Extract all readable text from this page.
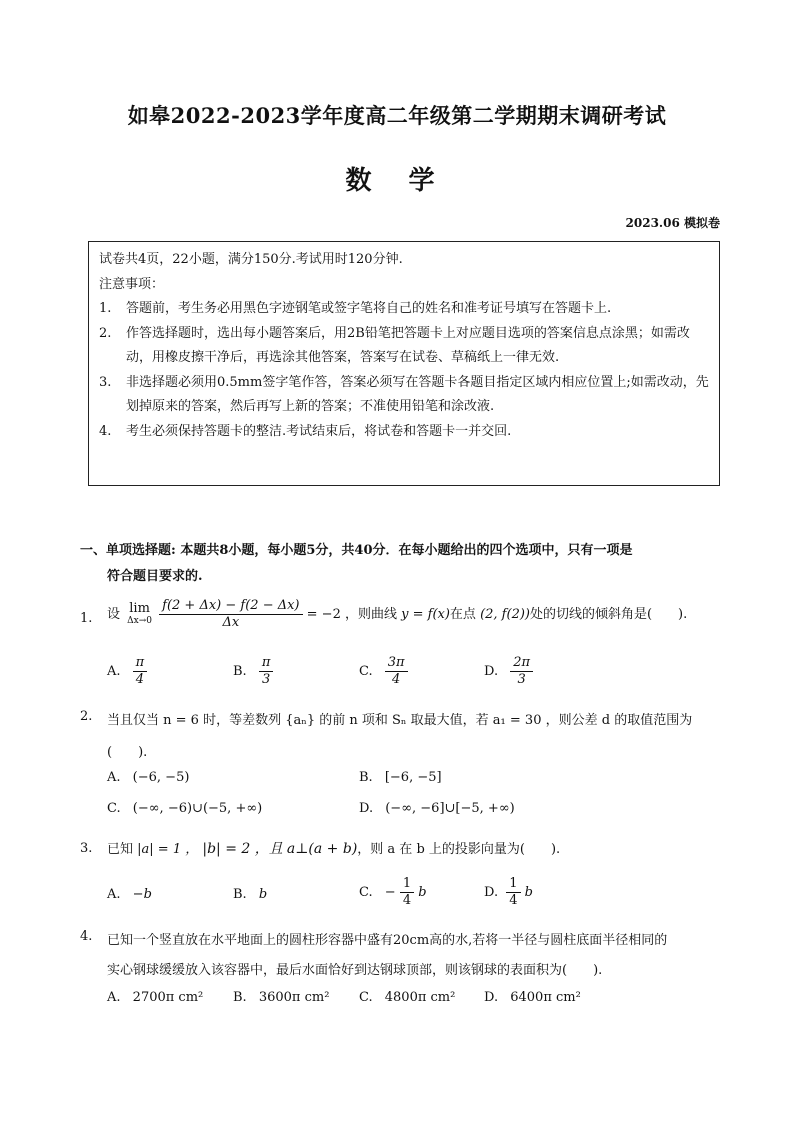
如皋2022-2023学年度高二年级第二学期期末调研考试
数 学
2023.06 模拟卷
试卷共4页，22小题，满分150分.考试用时120分钟.
注意事项：
1. 答题前，考生务必用黑色字迹钢笔或签字笔将自己的姓名和准考证号填写在答题卡上.
2. 作答选择题时，选出每小题答案后，用2B铅笔把答题卡上对应题目选项的答案信息点涂黑；如需改动，用橡皮擦干净后，再选涂其他答案，答案写在试卷、草稿纸上一律无效.
3. 非选择题必须用0.5mm签字笔作答，答案必须写在答题卡各题目指定区域内相应位置上;如需改动，先划掉原来的答案，然后再写上新的答案；不准使用铅笔和涂改液.
4. 考生必须保持答题卡的整洁.考试结束后，将试卷和答题卡一并交回.
一、单项选择题: 本题共8小题，每小题5分，共40分．在每小题给出的四个选项中，只有一项是
符合题目要求的.
1. 设 lim
Δx→0
$\frac{f(2 + \Delta x) - f(2 - \Delta x)}{\Delta x} = -2$ ，则曲线 y = f(x)在点 (2, f(2))处的切线的倾斜角是(　　).
A. $\frac{\pi}{4}$	B. $\frac{\pi}{3}$	C. $\frac{3\pi}{4}$	D. $\frac{2\pi}{3}$
2. 当且仅当 n = 6 时，等差数列 {aₙ} 的前 n 项和 Sₙ 取最大值，若 a₁ = 30 ，则公差 d 的取值范围为
(　　).
A. (−6, −5)	B. [−6, −5]
C. (−∞, −6)∪(−5, +∞)	D. (−∞, −6]∪[−5, +∞)
3. 已知 |a| = 1 ， |b| = 2 ，且 a⊥(a + b)，则 a 在 b 上的投影向量为(　　).
A. −b	B. b	C. − $\frac{1}{4}$ b	D. $\frac{1}{4}$ b
4. 已知一个竖直放在水平地面上的圆柱形容器中盛有20cm高的水,若将一半径与圆柱底面半径相同的
实心钢球缓缓放入该容器中，最后水面恰好到达钢球顶部，则该钢球的表面积为(　　).
A. 2700π cm² B. 3600π cm² C. 4800π cm² D. 6400π cm²
